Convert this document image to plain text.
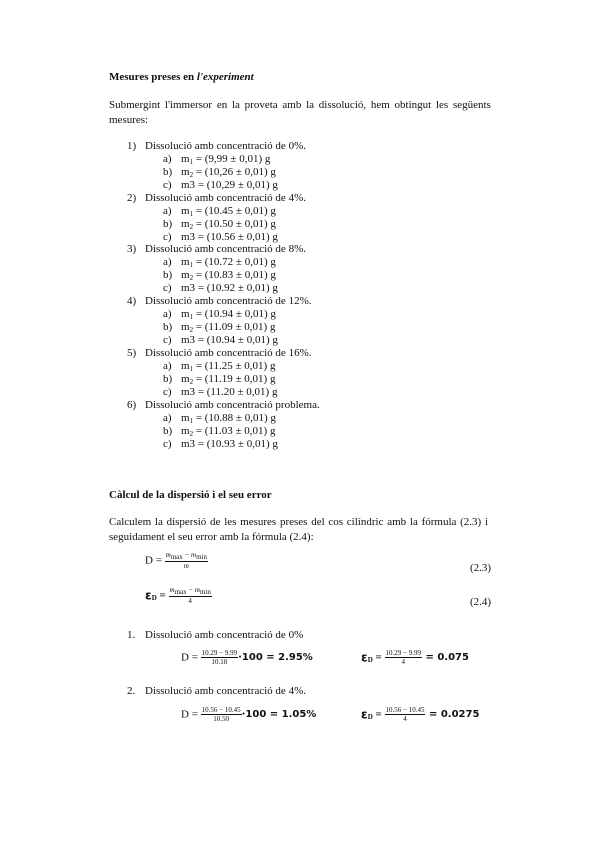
Mesures preses en l'experiment
Submergint l'immersor en la proveta amb la dissolució, hem obtingut les següents
mesures:
1) Dissolució amb concentració de 0%.
a) $m_1 = (9,99 \pm 0,01)$ g
b) $m_2 = (10,26 \pm 0,01)$ g
c) m3 = (10,29 ± 0,01) g
2) Dissolució amb concentració de 4%.
a) $m_1 = (10.45 \pm 0,01)$ g
b) $m_2 = (10.50 \pm 0,01)$ g
c) m3 = (10.56 ± 0,01) g
3) Dissolució amb concentració de 8%.
a) $m_1 = (10.72 \pm 0,01)$ g
b) $m_2 = (10.83 \pm 0,01)$ g
c) m3 = (10.92 ± 0,01) g
4) Dissolució amb concentració de 12%.
a) $m_1 = (10.94 \pm 0,01)$ g
b) $m_2 = (11.09 \pm 0,01)$ g
c) m3 = (10.94 ± 0,01) g
5) Dissolució amb concentració de 16%.
a) $m_1 = (11.25 \pm 0,01)$ g
b) $m_2 = (11.19 \pm 0,01)$ g
c) m3 = (11.20 ± 0,01) g
6) Dissolució amb concentració problema.
a) $m_1 = (10.88 \pm 0,01)$ g
b) $m_2 = (11.03 \pm 0,01)$ g
c) m3 = (10.93 ± 0,01) g
Càlcul de la dispersió i el seu error
Calculem la dispersió de les mesures preses del cos cilíndric amb la fórmula (2.3) i
seguidament el seu error amb la fórmula (2.4):
$D = \frac{m_{max} - m_{min}}{m}$	(2.3)
$\varepsilon_D = \frac{m_{max} - m_{min}}{4}$	(2.4)
1. Dissolució amb concentració de 0%
$D = \frac{10.29 - 9.99}{10.18} \cdot 100 = 2.95\%$	$\varepsilon_D = \frac{10.29 - 9.99}{4} = 0.075$
2. Dissolució amb concentració de 4%.
$D = \frac{10.56 - 10.45}{10.50} \cdot 100 = 1.05\%$	$\varepsilon_D = \frac{10.56 - 10.45}{4} = 0.0275$
